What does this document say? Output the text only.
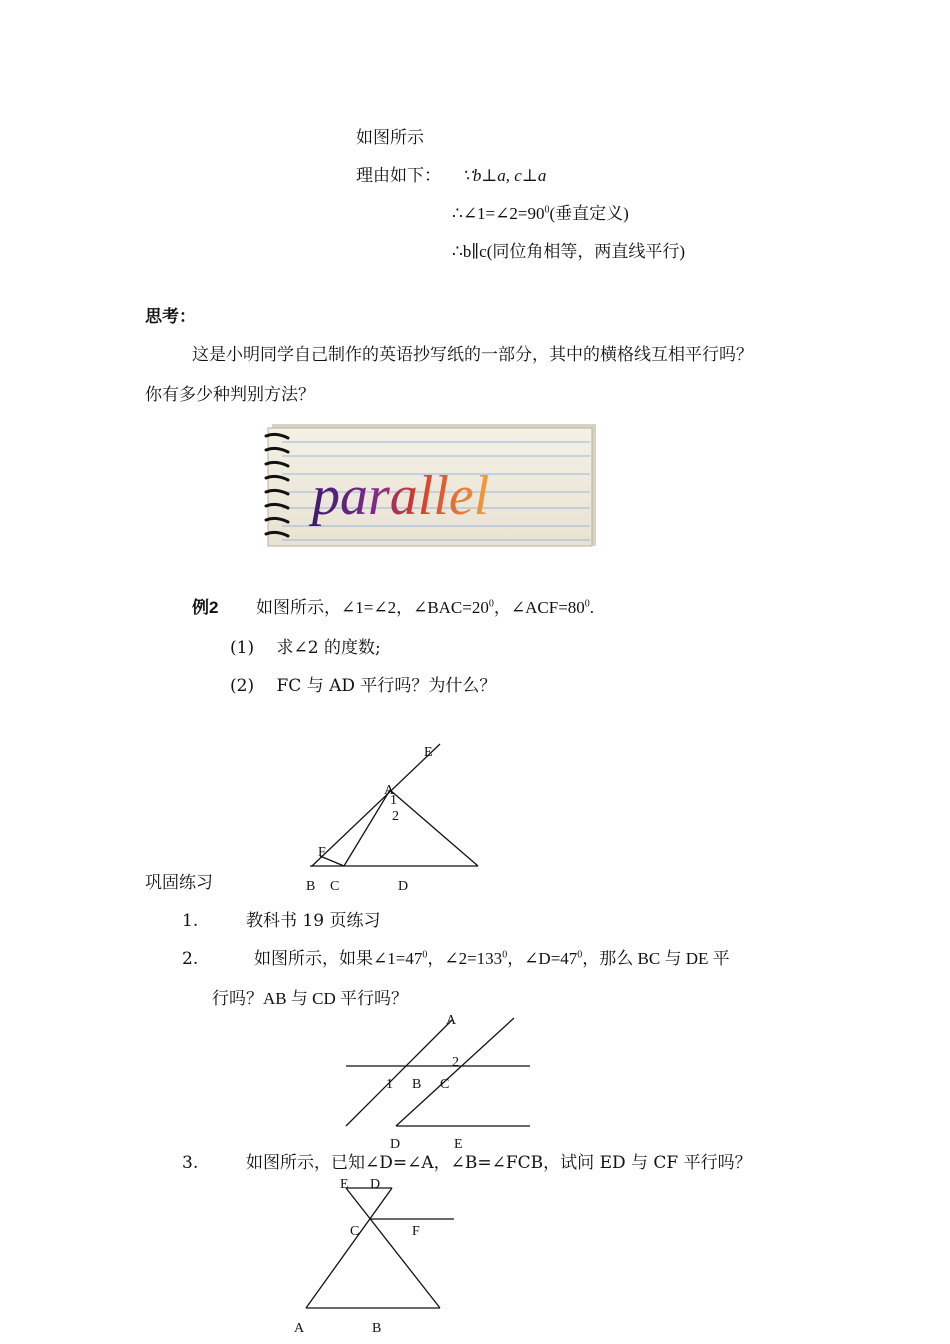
如图所示
理由如下： ∵b⊥a, c⊥a
$\therefore\angle 1=\angle 2=90^0$(垂直定义)
∴b∥c(同位角相等，两直线平行)
思考：
这是小明同学自己制作的英语抄写纸的一部分，其中的横格线互相平行吗？
你有多少种判别方法？
parallel
例2 如图所示，∠1=∠2，$\angle BAC=20^0$，$\angle ACF=80^0$.
(1)　 求∠2 的度数;
(2)　 FC 与 AD 平行吗？为什么？
E
A
1
2
F
B C	D
巩固练习
1.	教科书 19 页练习
2.	如图所示，如果$\angle 1=47^0$，$\angle 2=133^0$，$\angle D=47^0$，那么 BC 与 DE 平
行吗？AB 与 CD 平行吗？
A
2
1 B C
D	E
3.	如图所示，已知∠D=∠A，∠B=∠FCB，试问 ED 与 CF 平行吗？
E D
C	F
A	B
